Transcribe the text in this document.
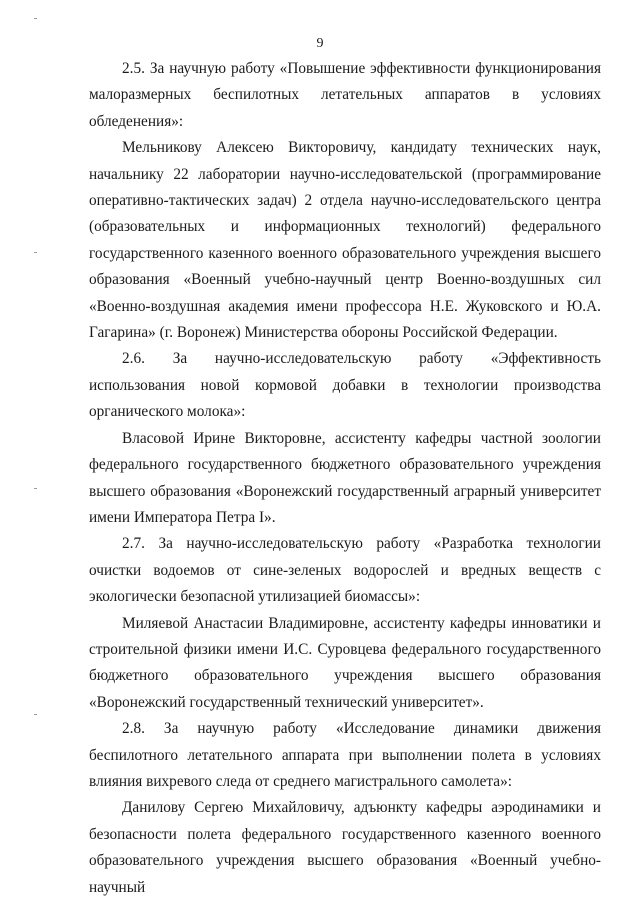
9

2.5. За научную работу «Повышение эффективности функционирования малоразмерных беспилотных летательных аппаратов в условиях обледенения»:

Мельникову Алексею Викторовичу, кандидату технических наук, начальнику 22 лаборатории научно-исследовательской (программирование оперативно-тактических задач) 2 отдела научно-исследовательского центра (образовательных и информационных технологий) федерального государственного казенного военного образовательного учреждения высшего образования «Военный учебно-научный центр Военно-воздушных сил «Военно-воздушная академия имени профессора Н.Е. Жуковского и Ю.А. Гагарина» (г. Воронеж) Министерства обороны Российской Федерации.

2.6. За научно-исследовательскую работу «Эффективность использования новой кормовой добавки в технологии производства органического молока»:

Власовой Ирине Викторовне, ассистенту кафедры частной зоологии федерального государственного бюджетного образовательного учреждения высшего образования «Воронежский государственный аграрный университет имени Императора Петра I».

2.7. За научно-исследовательскую работу «Разработка технологии очистки водоемов от сине-зеленых водорослей и вредных веществ с экологически безопасной утилизацией биомассы»:

Миляевой Анастасии Владимировне, ассистенту кафедры инноватики и строительной физики имени И.С. Суровцева федерального государственного бюджетного образовательного учреждения высшего образования «Воронежский государственный технический университет».

2.8. За научную работу «Исследование динамики движения беспилотного летательного аппарата при выполнении полета в условиях влияния вихревого следа от среднего магистрального самолета»:

Данилову Сергею Михайловичу, адъюнкту кафедры аэродинамики и безопасности полета федерального государственного казенного военного образовательного учреждения высшего образования «Военный учебно-научный
